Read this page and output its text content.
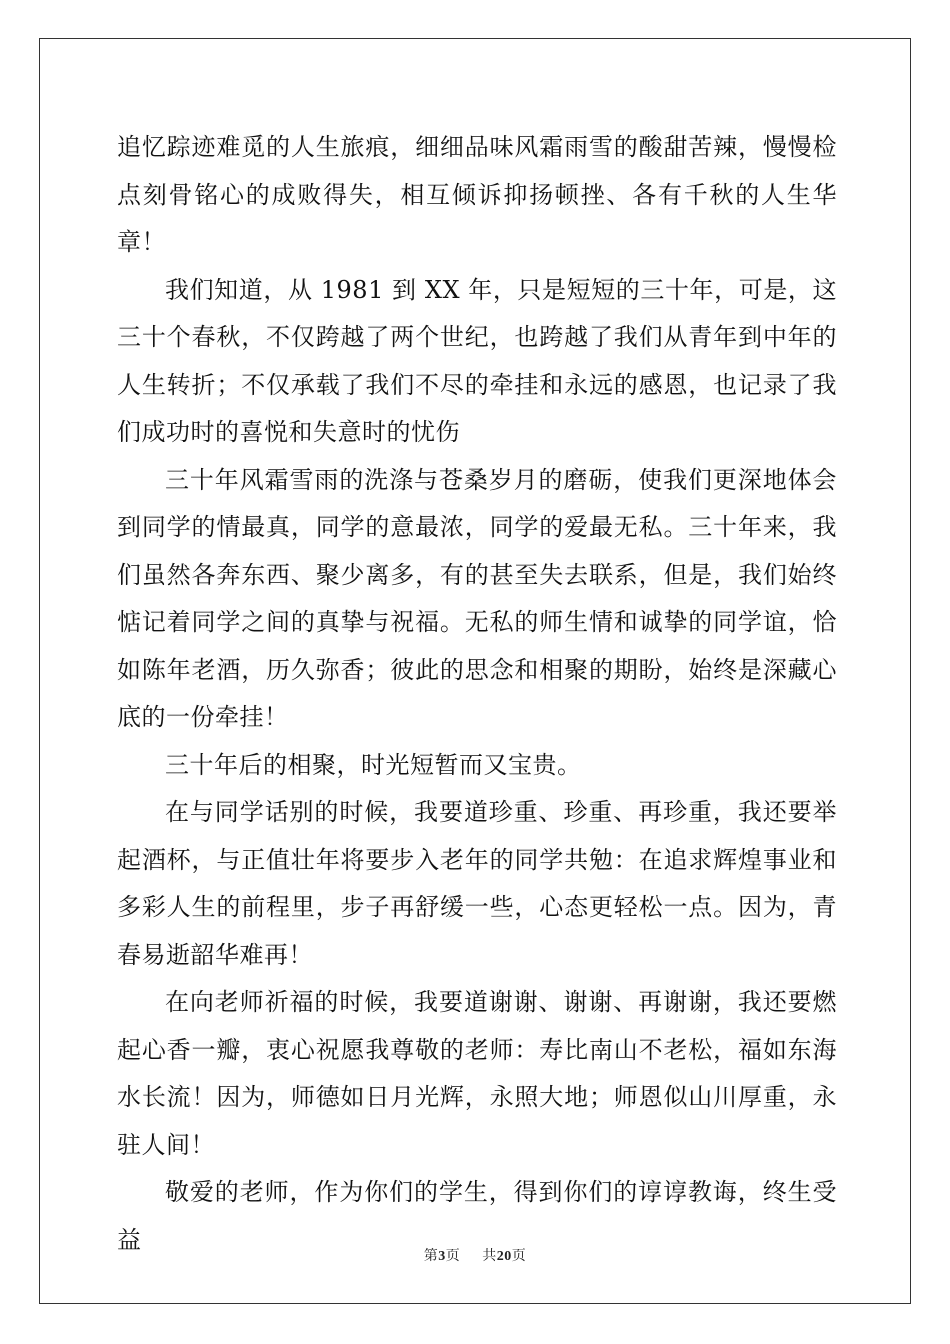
追忆踪迹难觅的人生旅痕，细细品味风霜雨雪的酸甜苦辣，慢慢检点刻骨铭心的成败得失，相互倾诉抑扬顿挫、各有千秋的人生华章！

我们知道，从 1981 到 XX 年，只是短短的三十年，可是，这三十个春秋，不仅跨越了两个世纪，也跨越了我们从青年到中年的人生转折；不仅承载了我们不尽的牵挂和永远的感恩，也记录了我们成功时的喜悦和失意时的忧伤

三十年风霜雪雨的洗涤与苍桑岁月的磨砺，使我们更深地体会到同学的情最真，同学的意最浓，同学的爱最无私。三十年来，我们虽然各奔东西、聚少离多，有的甚至失去联系，但是，我们始终惦记着同学之间的真挚与祝福。无私的师生情和诚挚的同学谊，恰如陈年老酒，历久弥香；彼此的思念和相聚的期盼，始终是深藏心底的一份牵挂！

三十年后的相聚，时光短暂而又宝贵。

在与同学话别的时候，我要道珍重、珍重、再珍重，我还要举起酒杯，与正值壮年将要步入老年的同学共勉：在追求辉煌事业和多彩人生的前程里，步子再舒缓一些，心态更轻松一点。因为，青春易逝韶华难再！

在向老师祈福的时候，我要道谢谢、谢谢、再谢谢，我还要燃起心香一瓣，衷心祝愿我尊敬的老师：寿比南山不老松，福如东海水长流！因为，师德如日月光辉，永照大地；师恩似山川厚重，永驻人间！

敬爱的老师，作为你们的学生，得到你们的谆谆教诲，终生受益

第3页 共20页
